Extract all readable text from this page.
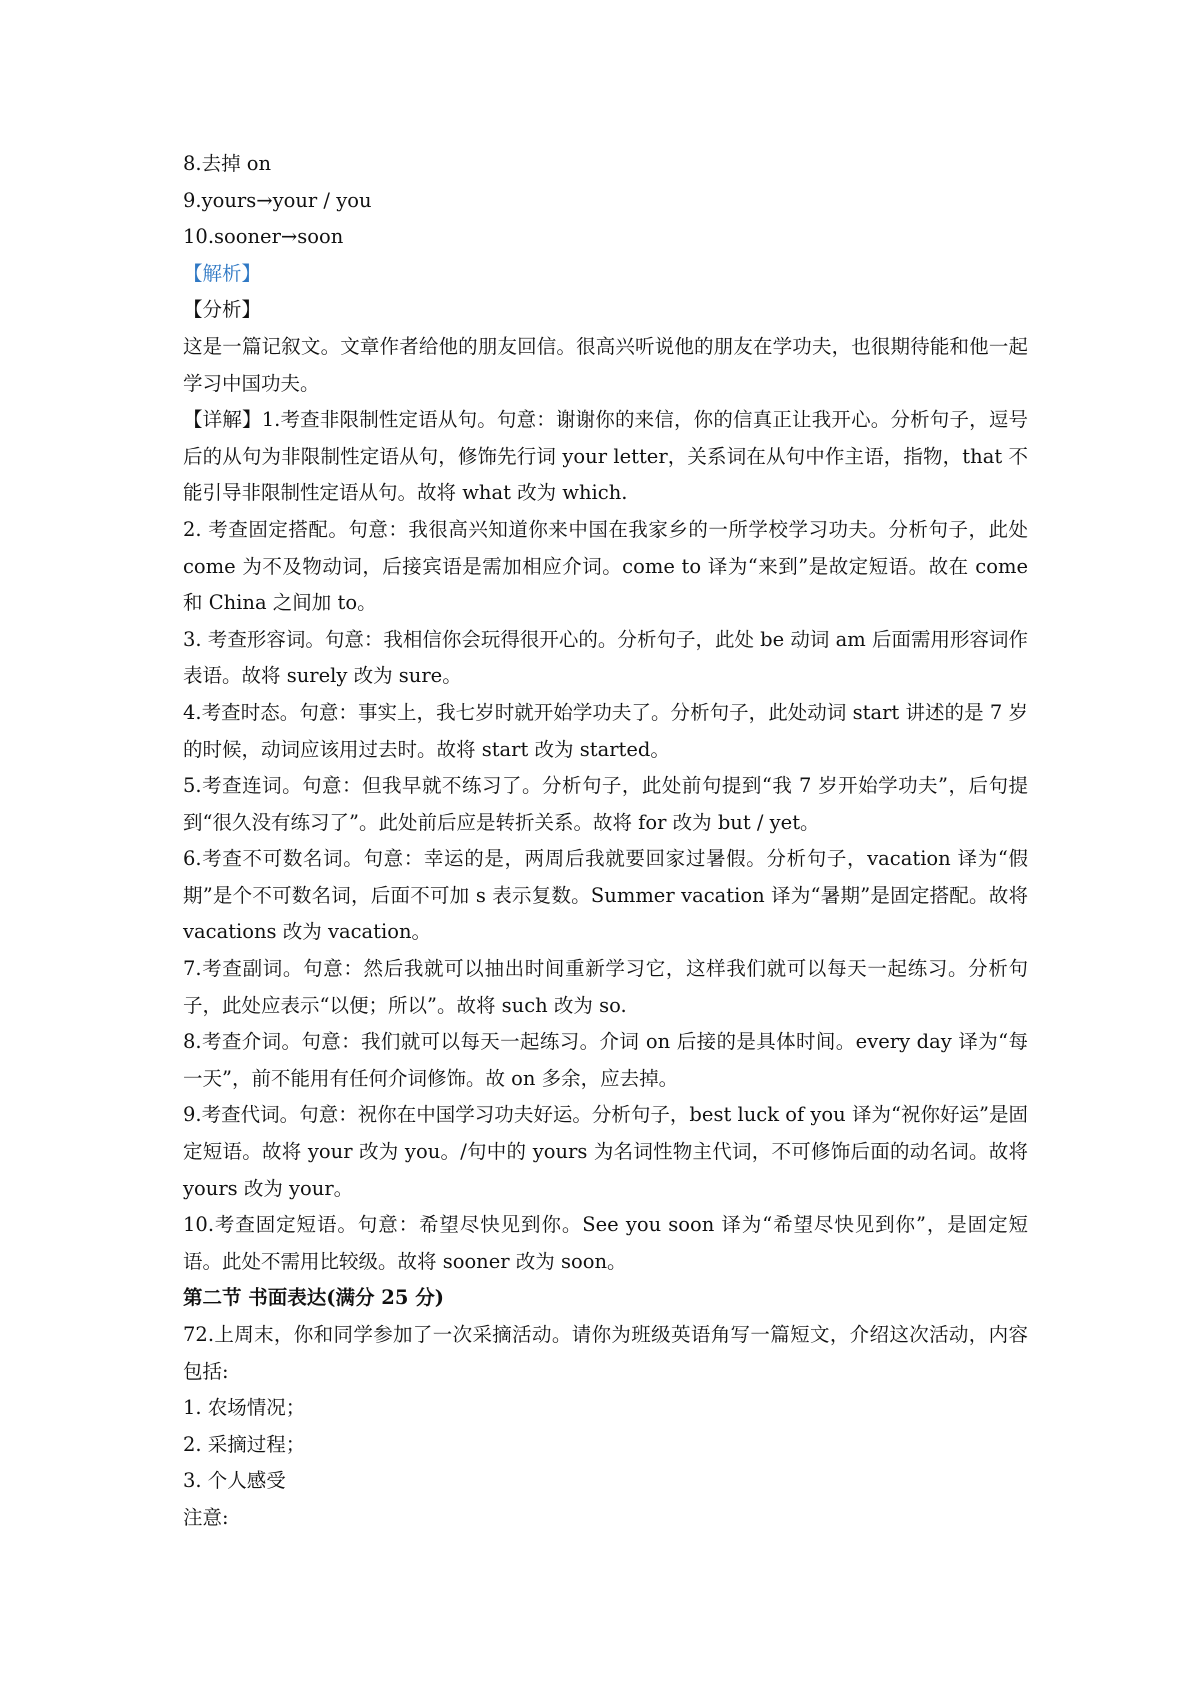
8.去掉 on

9.yours→your / you

10.sooner→soon

【解析】

【分析】

这是一篇记叙文。文章作者给他的朋友回信。很高兴听说他的朋友在学功夫，也很期待能和他一起学习中国功夫。

【详解】1.考查非限制性定语从句。句意：谢谢你的来信，你的信真正让我开心。分析句子，逗号后的从句为非限制性定语从句，修饰先行词 your letter，关系词在从句中作主语，指物，that 不能引导非限制性定语从句。故将 what 改为 which.

2. 考查固定搭配。句意：我很高兴知道你来中国在我家乡的一所学校学习功夫。分析句子，此处 come 为不及物动词，后接宾语是需加相应介词。come to 译为“来到”是故定短语。故在 come 和 China 之间加 to。

3. 考查形容词。句意：我相信你会玩得很开心的。分析句子，此处 be 动词 am 后面需用形容词作表语。故将 surely 改为 sure。

4.考查时态。句意：事实上，我七岁时就开始学功夫了。分析句子，此处动词 start 讲述的是 7 岁的时候，动词应该用过去时。故将 start 改为 started。

5.考查连词。句意：但我早就不练习了。分析句子，此处前句提到“我 7 岁开始学功夫”，后句提到“很久没有练习了”。此处前后应是转折关系。故将 for 改为 but / yet。

6.考查不可数名词。句意：幸运的是，两周后我就要回家过暑假。分析句子，vacation 译为“假期”是个不可数名词，后面不可加 s 表示复数。Summer vacation 译为“暑期”是固定搭配。故将 vacations 改为 vacation。

7.考查副词。句意：然后我就可以抽出时间重新学习它，这样我们就可以每天一起练习。分析句子，此处应表示“以便；所以”。故将 such 改为 so.

8.考查介词。句意：我们就可以每天一起练习。介词 on 后接的是具体时间。every day 译为“每一天”，前不能用有任何介词修饰。故 on 多余，应去掉。

9.考查代词。句意：祝你在中国学习功夫好运。分析句子，best luck of you 译为“祝你好运”是固定短语。故将 your 改为 you。/句中的 yours 为名词性物主代词，不可修饰后面的动名词。故将 yours 改为 your。

10.考查固定短语。句意：希望尽快见到你。See you soon 译为“希望尽快见到你”，是固定短语。此处不需用比较级。故将 sooner 改为 soon。

第二节 书面表达(满分 25 分)

72.上周末，你和同学参加了一次采摘活动。请你为班级英语角写一篇短文，介绍这次活动，内容包括:

1. 农场情况；

2. 采摘过程；

3. 个人感受

注意:
